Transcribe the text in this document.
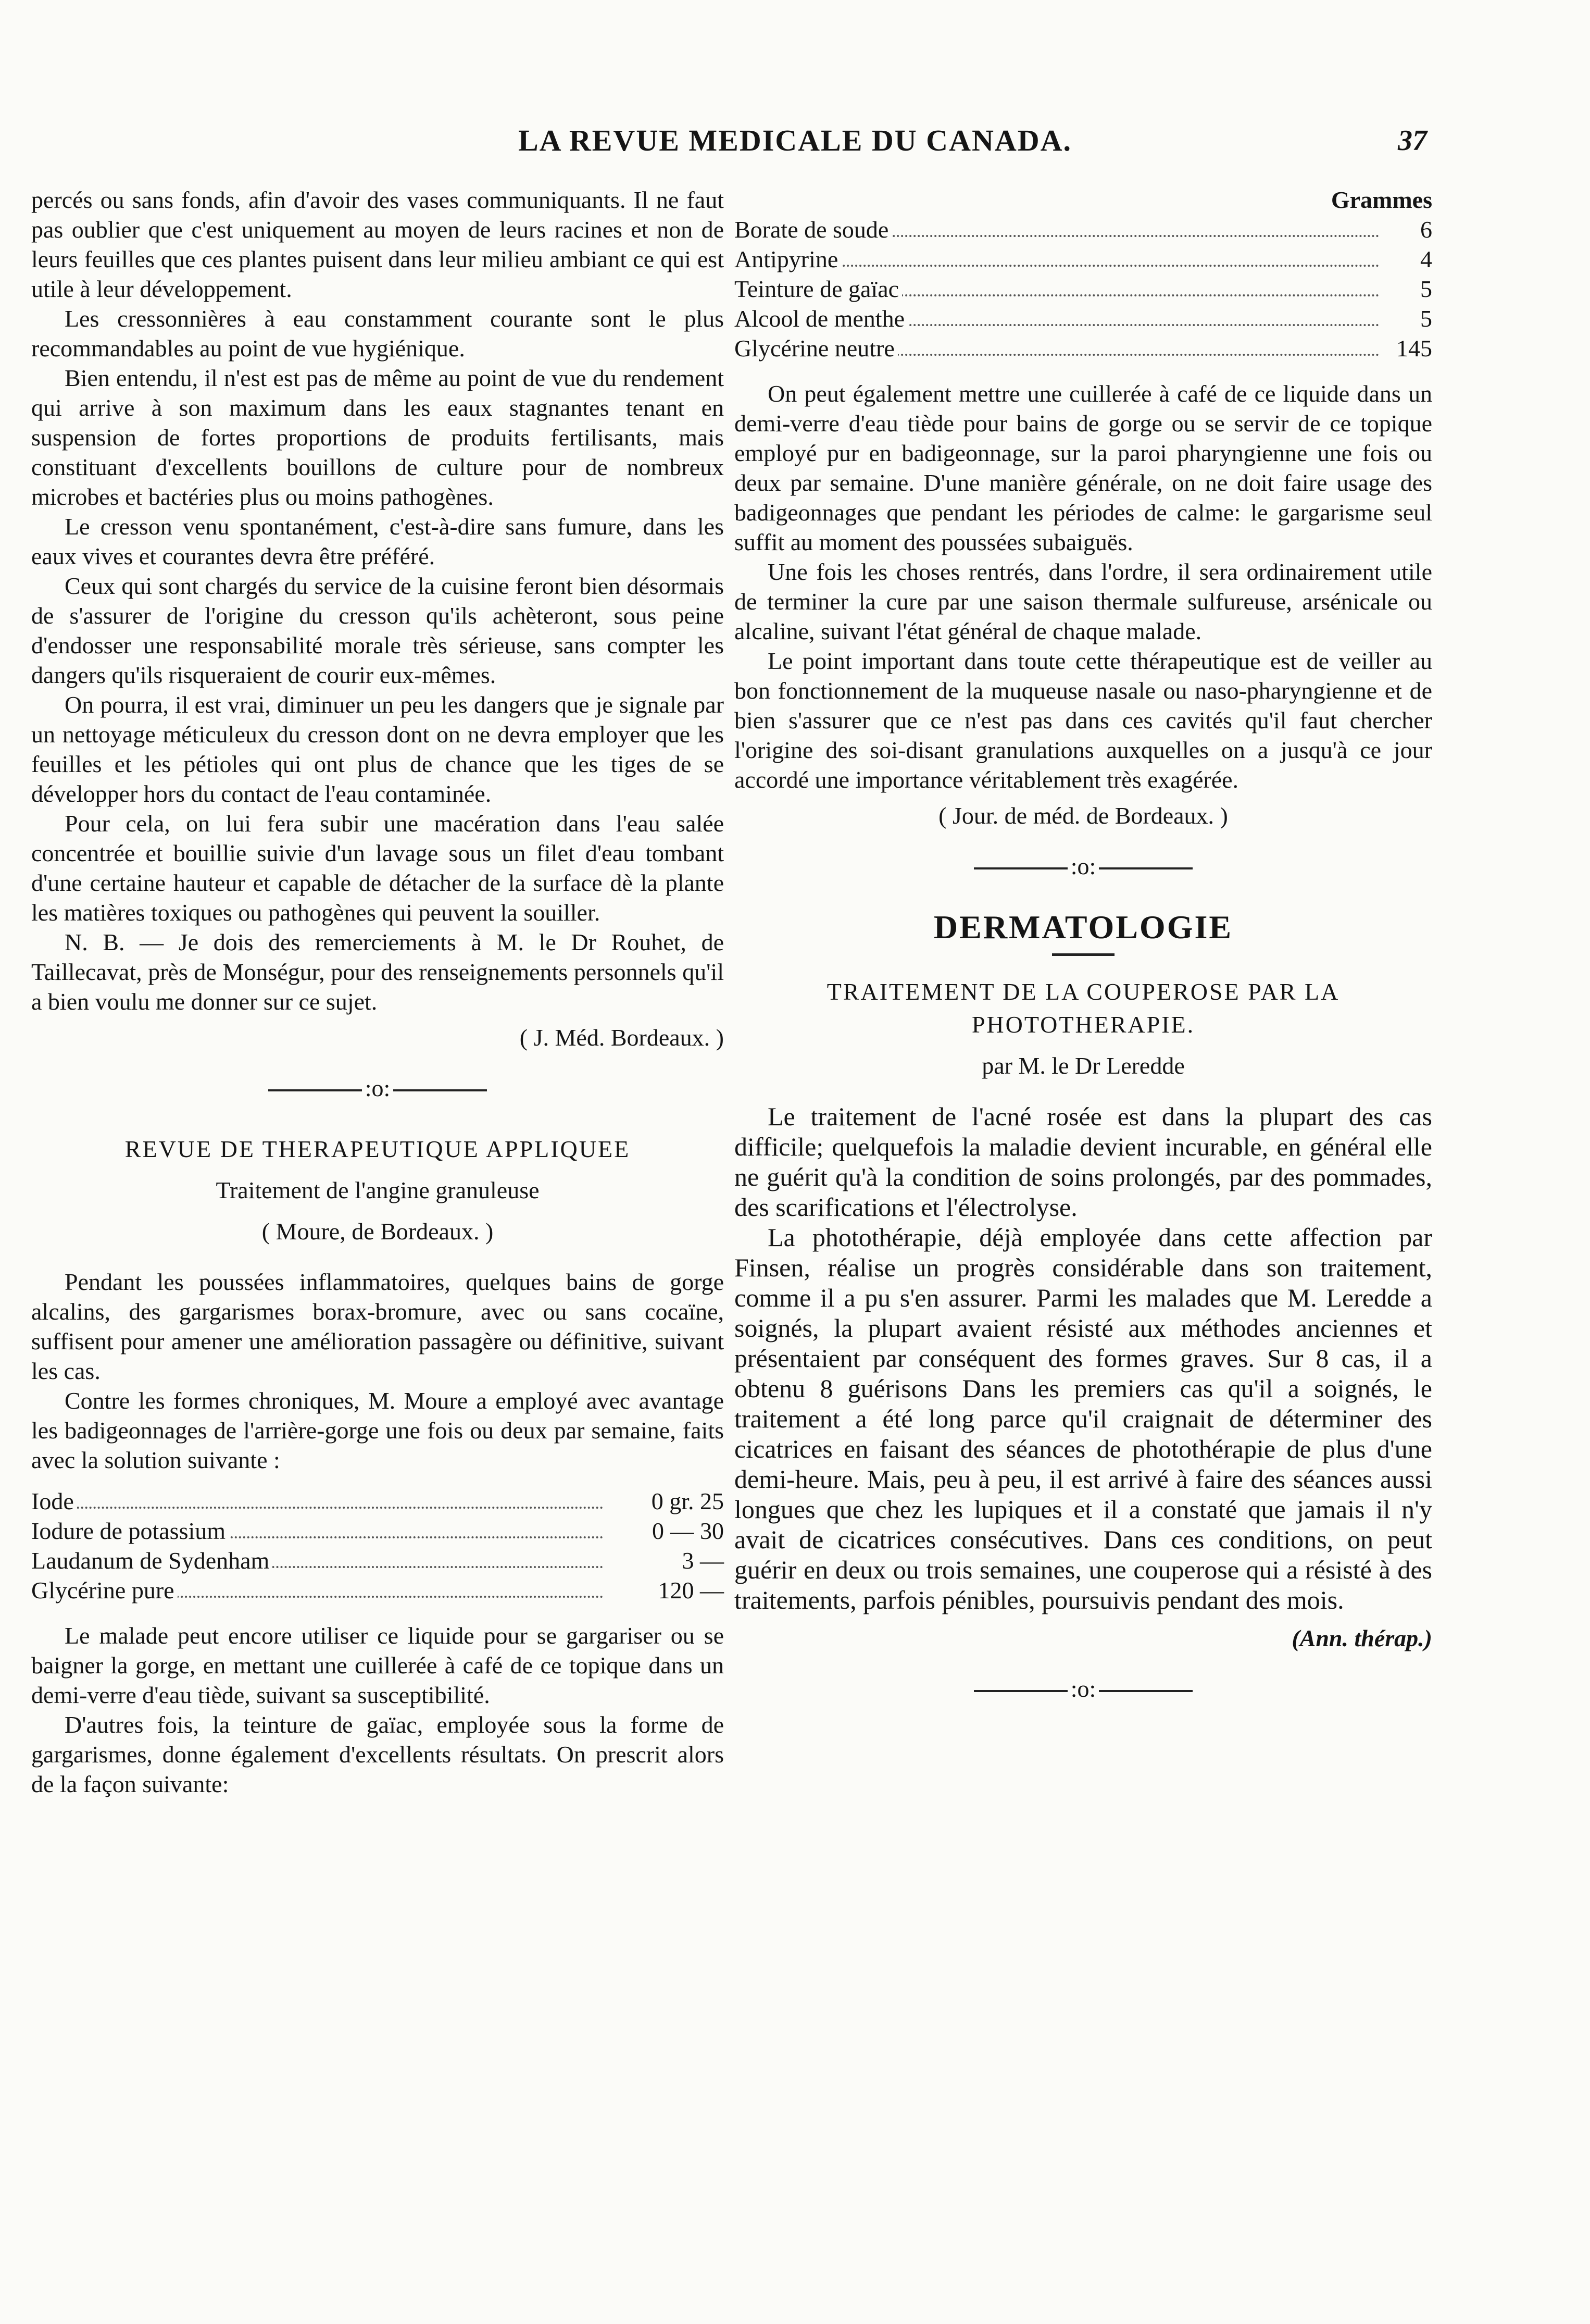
LA REVUE MEDICALE DU CANADA.	37

percés ou sans fonds, afin d'avoir des vases communiquants. Il ne faut pas oublier que c'est uniquement au moyen de leurs racines et non de leurs feuilles que ces plantes puisent dans leur milieu ambiant ce qui est utile à leur développement.

Les cressonnières à eau constamment courante sont le plus recommandables au point de vue hygiénique.

Bien entendu, il n'est est pas de même au point de vue du rendement qui arrive à son maximum dans les eaux stagnantes tenant en suspension de fortes proportions de produits fertilisants, mais constituant d'excellents bouillons de culture pour de nombreux microbes et bactéries plus ou moins pathogènes.

Le cresson venu spontanément, c'est-à-dire sans fumure, dans les eaux vives et courantes devra être préféré.

Ceux qui sont chargés du service de la cuisine feront bien désormais de s'assurer de l'origine du cresson qu'ils achèteront, sous peine d'endosser une responsabilité morale très sérieuse, sans compter les dangers qu'ils risqueraient de courir eux-mêmes.

On pourra, il est vrai, diminuer un peu les dangers que je signale par un nettoyage méticuleux du cresson dont on ne devra employer que les feuilles et les pétioles qui ont plus de chance que les tiges de se développer hors du contact de l'eau contaminée.

Pour cela, on lui fera subir une macération dans l'eau salée concentrée et bouillie suivie d'un lavage sous un filet d'eau tombant d'une certaine hauteur et capable de détacher de la surface dè la plante les matières toxiques ou pathogènes qui peuvent la souiller.

N. B. — Je dois des remerciements à M. le Dr Rouhet, de Taillecavat, près de Monségur, pour des renseignements personnels qu'il a bien voulu me donner sur ce sujet.

( J. Méd. Bordeaux. )
:o:
REVUE DE THERAPEUTIQUE APPLIQUEE
Traitement de l'angine granuleuse
( Moure, de Bordeaux. )

Pendant les poussées inflammatoires, quelques bains de gorge alcalins, des gargarismes borax-bromure, avec ou sans cocaïne, suffisent pour amener une amélioration passagère ou définitive, suivant les cas.

Contre les formes chroniques, M. Moure a employé avec avantage les badigeonnages de l'arrière-gorge une fois ou deux par semaine, faits avec la solution suivante :

Iode	0 gr. 25
Iodure de potassium	0 — 30
Laudanum de Sydenham	3 —
Glycérine pure	120 —

Le malade peut encore utiliser ce liquide pour se gargariser ou se baigner la gorge, en mettant une cuillerée à café de ce topique dans un demi-verre d'eau tiède, suivant sa susceptibilité.

D'autres fois, la teinture de gaïac, employée sous la forme de gargarismes, donne également d'excellents résultats. On prescrit alors de la façon suivante:

Grammes
Borate de soude	6
Antipyrine	4
Teinture de gaïac	5
Alcool de menthe	5
Glycérine neutre	145

On peut également mettre une cuillerée à café de ce liquide dans un demi-verre d'eau tiède pour bains de gorge ou se servir de ce topique employé pur en badigeonnage, sur la paroi pharyngienne une fois ou deux par semaine. D'une manière générale, on ne doit faire usage des badigeonnages que pendant les périodes de calme: le gargarisme seul suffit au moment des poussées subaiguës.

Une fois les choses rentrés, dans l'ordre, il sera ordinairement utile de terminer la cure par une saison thermale sulfureuse, arsénicale ou alcaline, suivant l'état général de chaque malade.

Le point important dans toute cette thérapeutique est de veiller au bon fonctionnement de la muqueuse nasale ou naso-pharyngienne et de bien s'assurer que ce n'est pas dans ces cavités qu'il faut chercher l'origine des soi-disant granulations auxquelles on a jusqu'à ce jour accordé une importance véritablement très exagérée.

( Jour. de méd. de Bordeaux. )
:o:
DERMATOLOGIE
TRAITEMENT DE LA COUPEROSE PAR LA
PHOTOTHERAPIE.
par M. le Dr Leredde

Le traitement de l'acné rosée est dans la plupart des cas difficile; quelquefois la maladie devient incurable, en général elle ne guérit qu'à la condition de soins prolongés, par des pommades, des scarifications et l'électrolyse.

La photothérapie, déjà employée dans cette affection par Finsen, réalise un progrès considérable dans son traitement, comme il a pu s'en assurer. Parmi les malades que M. Leredde a soignés, la plupart avaient résisté aux méthodes anciennes et présentaient par conséquent des formes graves. Sur 8 cas, il a obtenu 8 guérisons Dans les premiers cas qu'il a soignés, le traitement a été long parce qu'il craignait de déterminer des cicatrices en faisant des séances de photothérapie de plus d'une demi-heure. Mais, peu à peu, il est arrivé à faire des séances aussi longues que chez les lupiques et il a constaté que jamais il n'y avait de cicatrices consécutives. Dans ces conditions, on peut guérir en deux ou trois semaines, une couperose qui a résisté à des traitements, parfois pénibles, poursuivis pendant des mois.

(Ann. thérap.)
:o:
